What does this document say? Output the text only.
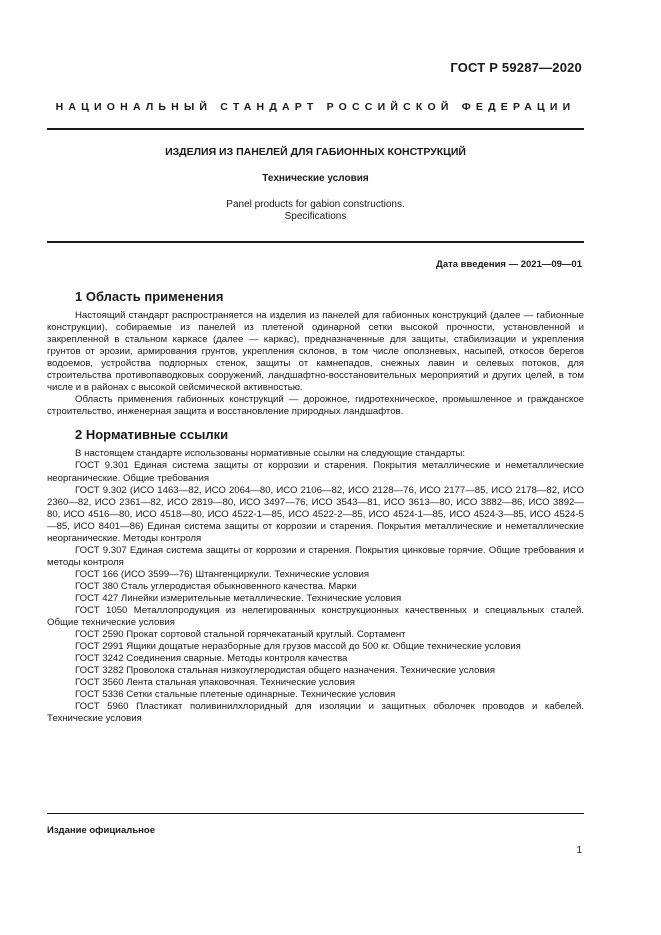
ГОСТ Р 59287—2020
НАЦИОНАЛЬНЫЙ СТАНДАРТ РОССИЙСКОЙ ФЕДЕРАЦИИ
ИЗДЕЛИЯ ИЗ ПАНЕЛЕЙ ДЛЯ ГАБИОННЫХ КОНСТРУКЦИЙ
Технические условия
Panel products for gabion constructions.
Specifications
Дата введения — 2021—09—01
1 Область применения

Настоящий стандарт распространяется на изделия из панелей для габионных конструкций (далее — габионные конструкции), собираемые из панелей из плетеной одинарной сетки высокой прочности, установленной и закрепленной в стальном каркасе (далее — каркас), предназначенные для защиты, стабилизации и укрепления грунтов от эрозии, армирования грунтов, укрепления склонов, в том числе оползневых, насыпей, откосов берегов водоемов, устройства подпорных стенок, защиты от камнепадов, снежных лавин и селевых потоков, для строительства противопаводковых сооружений, ландшафтно-восстановительных мероприятий и других целей, в том числе и в районах с высокой сейсмической активностью.

Область применения габионных конструкций — дорожное, гидротехническое, промышленное и гражданское строительство, инженерная защита и восстановление природных ландшафтов.

2 Нормативные ссылки

В настоящем стандарте использованы нормативные ссылки на следующие стандарты:

ГОСТ 9.301 Единая система защиты от коррозии и старения. Покрытия металлические и неметаллические неорганические. Общие требования

ГОСТ 9.302 (ИСО 1463—82, ИСО 2064—80, ИСО 2106—82, ИСО 2128—76, ИСО 2177—85, ИСО 2178—82, ИСО 2360—82, ИСО 2361—82, ИСО 2819—80, ИСО 3497—76, ИСО 3543—81, ИСО 3613—80, ИСО 3882—86, ИСО 3892—80, ИСО 4516—80, ИСО 4518—80, ИСО 4522-1—85, ИСО 4522-2—85, ИСО 4524-1—85, ИСО 4524-3—85, ИСО 4524-5—85, ИСО 8401—86) Единая система защиты от коррозии и старения. Покрытия металлические и неметаллические неорганические. Методы контроля

ГОСТ 9.307 Единая система защиты от коррозии и старения. Покрытия цинковые горячие. Общие требования и методы контроля

ГОСТ 166 (ИСО 3599—76) Штангенциркули. Технические условия

ГОСТ 380 Сталь углеродистая обыкновенного качества. Марки

ГОСТ 427 Линейки измерительные металлические. Технические условия

ГОСТ 1050 Металлопродукция из нелегированных конструкционных качественных и специальных сталей. Общие технические условия

ГОСТ 2590 Прокат сортовой стальной горячекатаный круглый. Сортамент

ГОСТ 2991 Ящики дощатые неразборные для грузов массой до 500 кг. Общие технические условия

ГОСТ 3242 Соединения сварные. Методы контроля качества

ГОСТ 3282 Проволока стальная низкоуглеродистая общего назначения. Технические условия

ГОСТ 3560 Лента стальная упаковочная. Технические условия

ГОСТ 5336 Сетки стальные плетеные одинарные. Технические условия

ГОСТ 5960 Пластикат поливинилхлоридный для изоляции и защитных оболочек проводов и кабелей. Технические условия

Издание официальное
1
